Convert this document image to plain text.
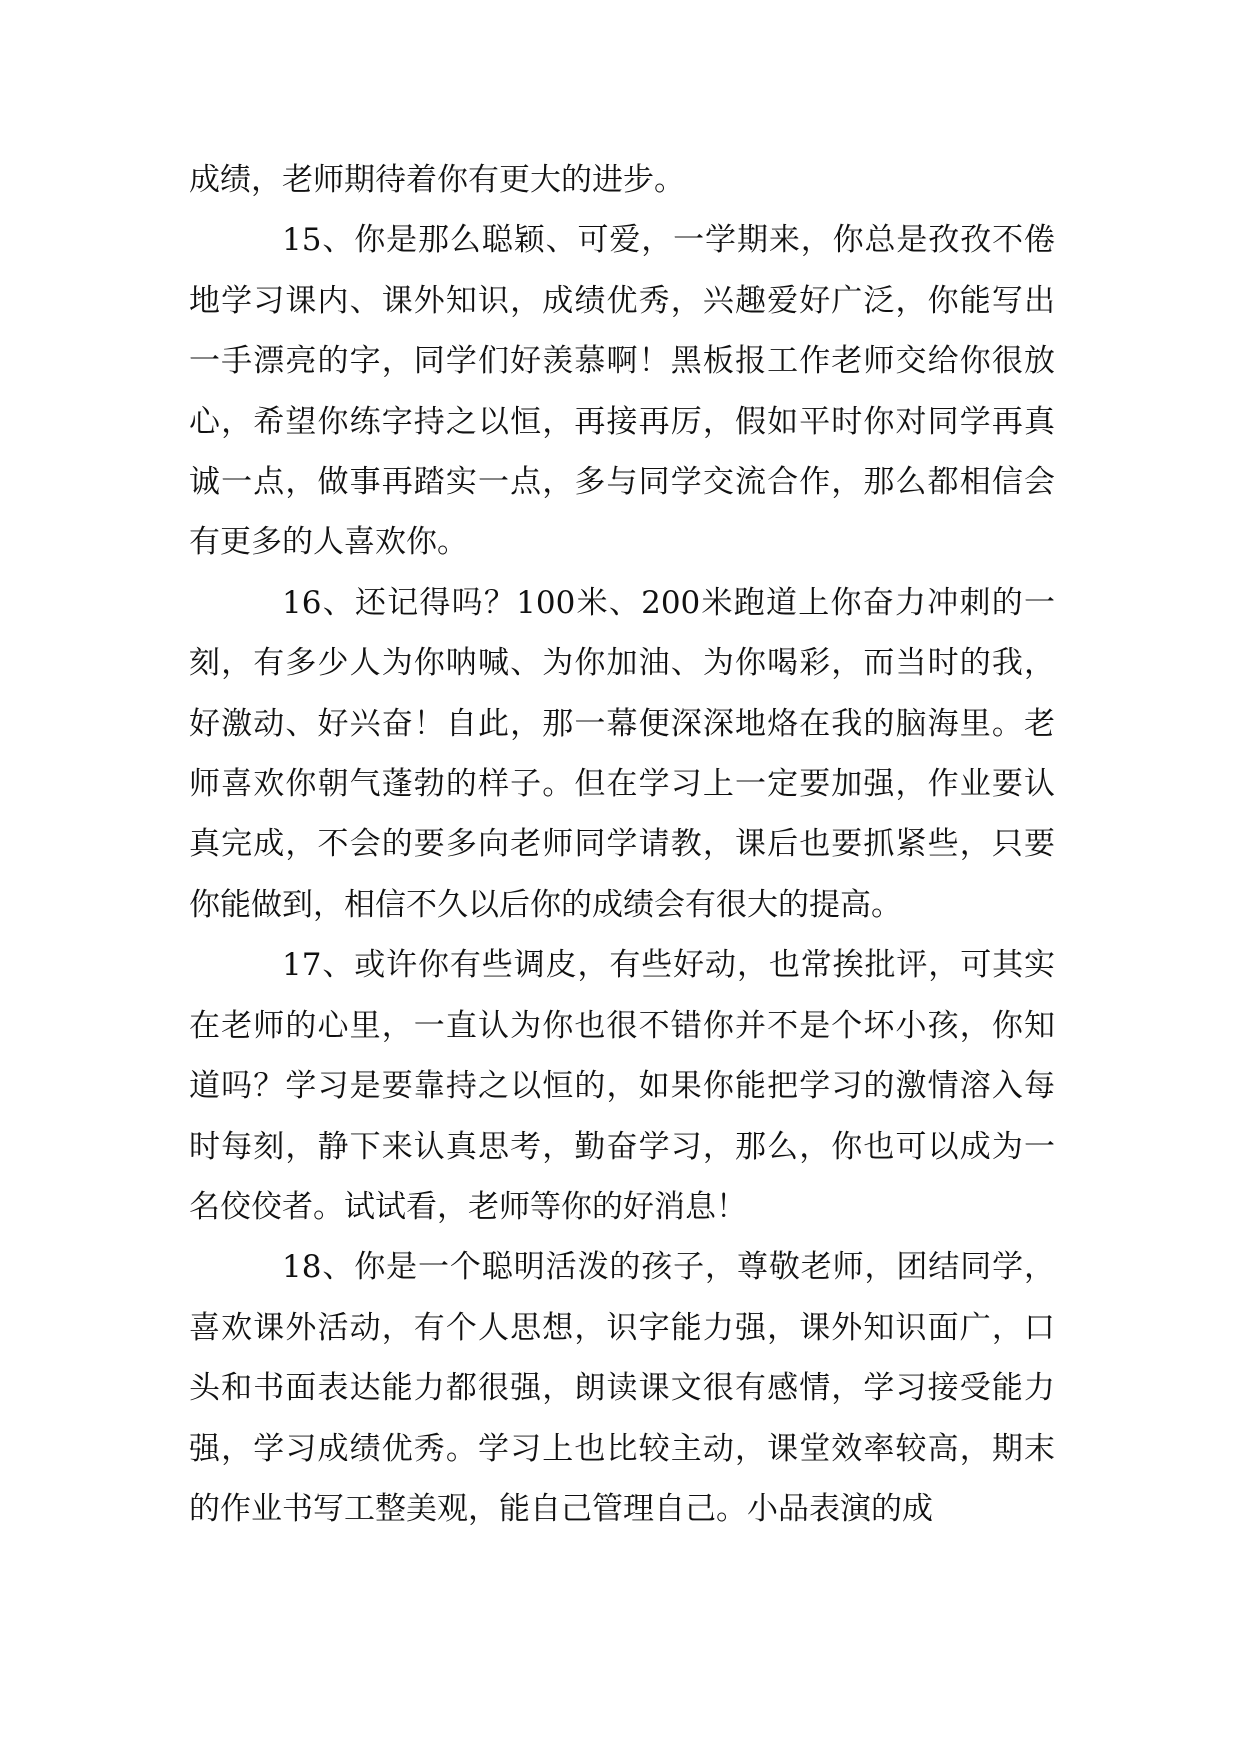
成绩，老师期待着你有更大的进步。

15、你是那么聪颖、可爱，一学期来，你总是孜孜不倦地学习课内、课外知识，成绩优秀，兴趣爱好广泛，你能写出一手漂亮的字，同学们好羡慕啊！黑板报工作老师交给你很放心，希望你练字持之以恒，再接再厉，假如平时你对同学再真诚一点，做事再踏实一点，多与同学交流合作，那么都相信会有更多的人喜欢你。

16、还记得吗？100米、200米跑道上你奋力冲刺的一刻，有多少人为你呐喊、为你加油、为你喝彩，而当时的我，好激动、好兴奋！自此，那一幕便深深地烙在我的脑海里。老师喜欢你朝气蓬勃的样子。但在学习上一定要加强，作业要认真完成，不会的要多向老师同学请教，课后也要抓紧些，只要你能做到，相信不久以后你的成绩会有很大的提高。

17、或许你有些调皮，有些好动，也常挨批评，可其实在老师的心里，一直认为你也很不错你并不是个坏小孩，你知道吗？学习是要靠持之以恒的，如果你能把学习的激情溶入每时每刻，静下来认真思考，勤奋学习，那么，你也可以成为一名佼佼者。试试看，老师等你的好消息！

18、你是一个聪明活泼的孩子，尊敬老师，团结同学，喜欢课外活动，有个人思想，识字能力强，课外知识面广，口头和书面表达能力都很强，朗读课文很有感情，学习接受能力强，学习成绩优秀。学习上也比较主动，课堂效率较高，期末的作业书写工整美观，能自己管理自己。小品表演的成
